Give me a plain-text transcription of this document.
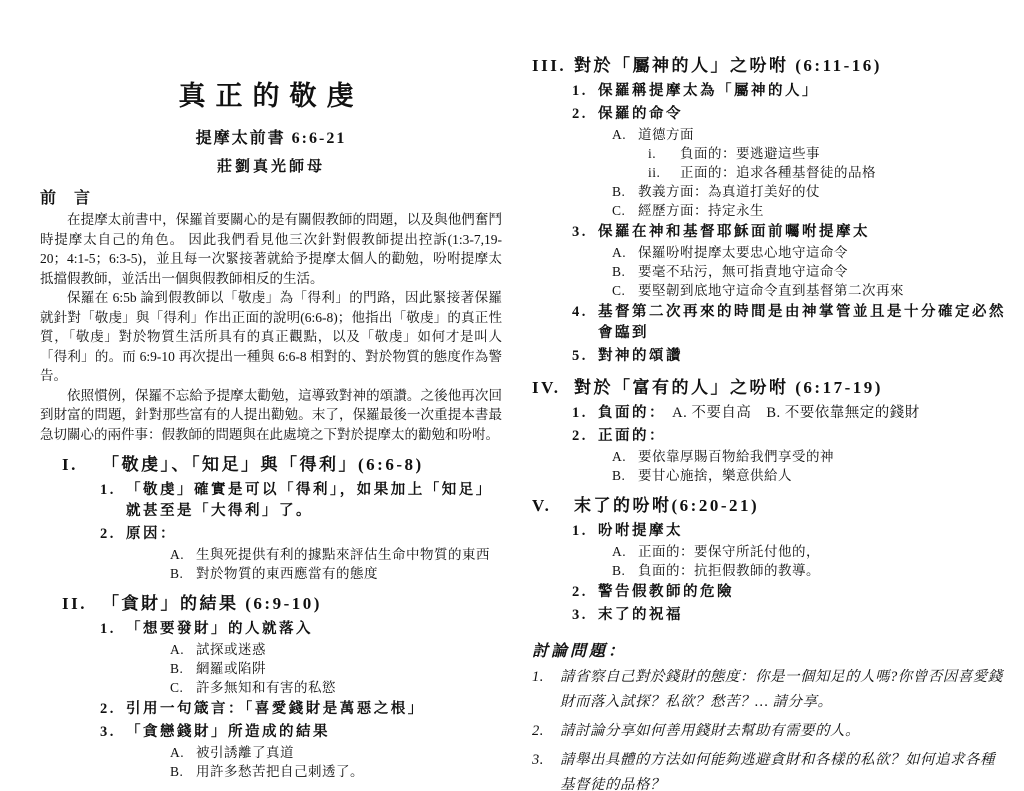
真正的敬虔
提摩太前書 6:6-21
莊劉真光師母
前 言

在提摩太前書中，保羅首要關心的是有關假教師的問題，以及與他們奮鬥時提摩太自己的角色。 因此我們看見他三次針對假教師提出控訴(1:3-7,19-20；4:1-5；6:3-5)，並且每一次緊接著就給予提摩太個人的勸勉，吩咐提摩太抵擋假教師，並活出一個與假教師相反的生活。

保羅在 6:5b 論到假教師以「敬虔」為「得利」的門路，因此緊接著保羅就針對「敬虔」與「得利」作出正面的說明(6:6-8)；他指出「敬虔」的真正性質，「敬虔」對於物質生活所具有的真正觀點，以及「敬虔」如何才是叫人「得利」的。而 6:9-10 再次提出一種與 6:6-8 相對的、對於物質的態度作為警告。

依照慣例，保羅不忘給予提摩太勸勉，這導致對神的頌讚。之後他再次回到財富的問題，針對那些富有的人提出勸勉。末了，保羅最後一次重提本書最急切關心的兩件事：假教師的問題與在此處境之下對於提摩太的勸勉和吩咐。

I.	「敬虔」、「知足」與「得利」(6:6-8)
1. 「敬虔」確實是可以「得利」，如果加上「知足」就甚至是「大得利」了。
2. 原因：
A. 生與死提供有利的據點來評估生命中物質的東西
B. 對於物質的東西應當有的態度
II. 「貪財」的結果 (6:9-10)
1. 「想要發財」的人就落入
A. 試探或迷惑
B. 網羅或陷阱
C. 許多無知和有害的私慾
2. 引用一句箴言：「喜愛錢財是萬惡之根」
3. 「貪戀錢財」所造成的結果
A. 被引誘離了真道
B. 用許多愁苦把自己刺透了。
III. 對於「屬神的人」之吩咐 (6:11-16)
1. 保羅稱提摩太為「屬神的人」
2. 保羅的命令
A. 道德方面
i.	負面的：要逃避這些事
ii.	正面的：追求各種基督徒的品格
B. 教義方面：為真道打美好的仗
C. 經歷方面：持定永生
3. 保羅在神和基督耶穌面前囑咐提摩太
A. 保羅吩咐提摩太要忠心地守這命令
B. 要毫不玷污，無可指責地守這命令
C. 要堅韌到底地守這命令直到基督第二次再來
4. 基督第二次再來的時間是由神掌管並且是十分確定必然會臨到
5. 對神的頌讚
IV. 對於「富有的人」之吩咐 (6:17-19)
1. 負面的： A. 不要自高　B. 不要依靠無定的錢財
2. 正面的：
A. 要依靠厚賜百物給我們享受的神
B. 要甘心施捨，樂意供給人
V.	末了的吩咐(6:20-21)
1. 吩咐提摩太
A. 正面的：要保守所託付他的，
B. 負面的：抗拒假教師的教導。
2. 警告假教師的危險
3. 末了的祝福
討論問題：
1.	請省察自己對於錢財的態度：你是一個知足的人嗎?你曾否因喜愛錢財而落入試探？私欲？愁苦？… 請分享。
2.	請討論分享如何善用錢財去幫助有需要的人。
3.	請舉出具體的方法如何能夠逃避貪財和各樣的私欲？如何追求各種基督徒的品格？
